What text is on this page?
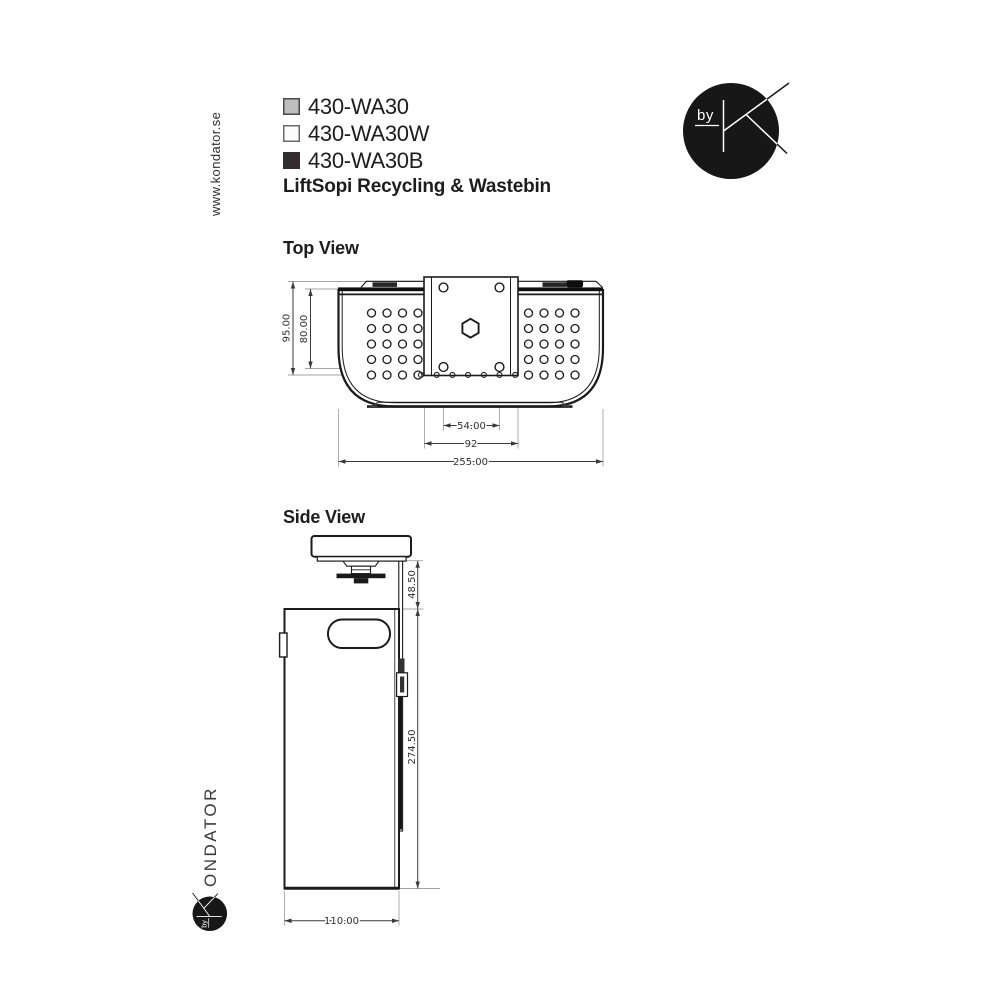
www.kondator.se
430-WA30
430-WA30W
430-WA30B
LiftSopi Recycling & Wastebin
by
Top View
Side View
95.00 80.00
54.00
92
255.00
48.50
274.50
110.00
by
ONDATOR
